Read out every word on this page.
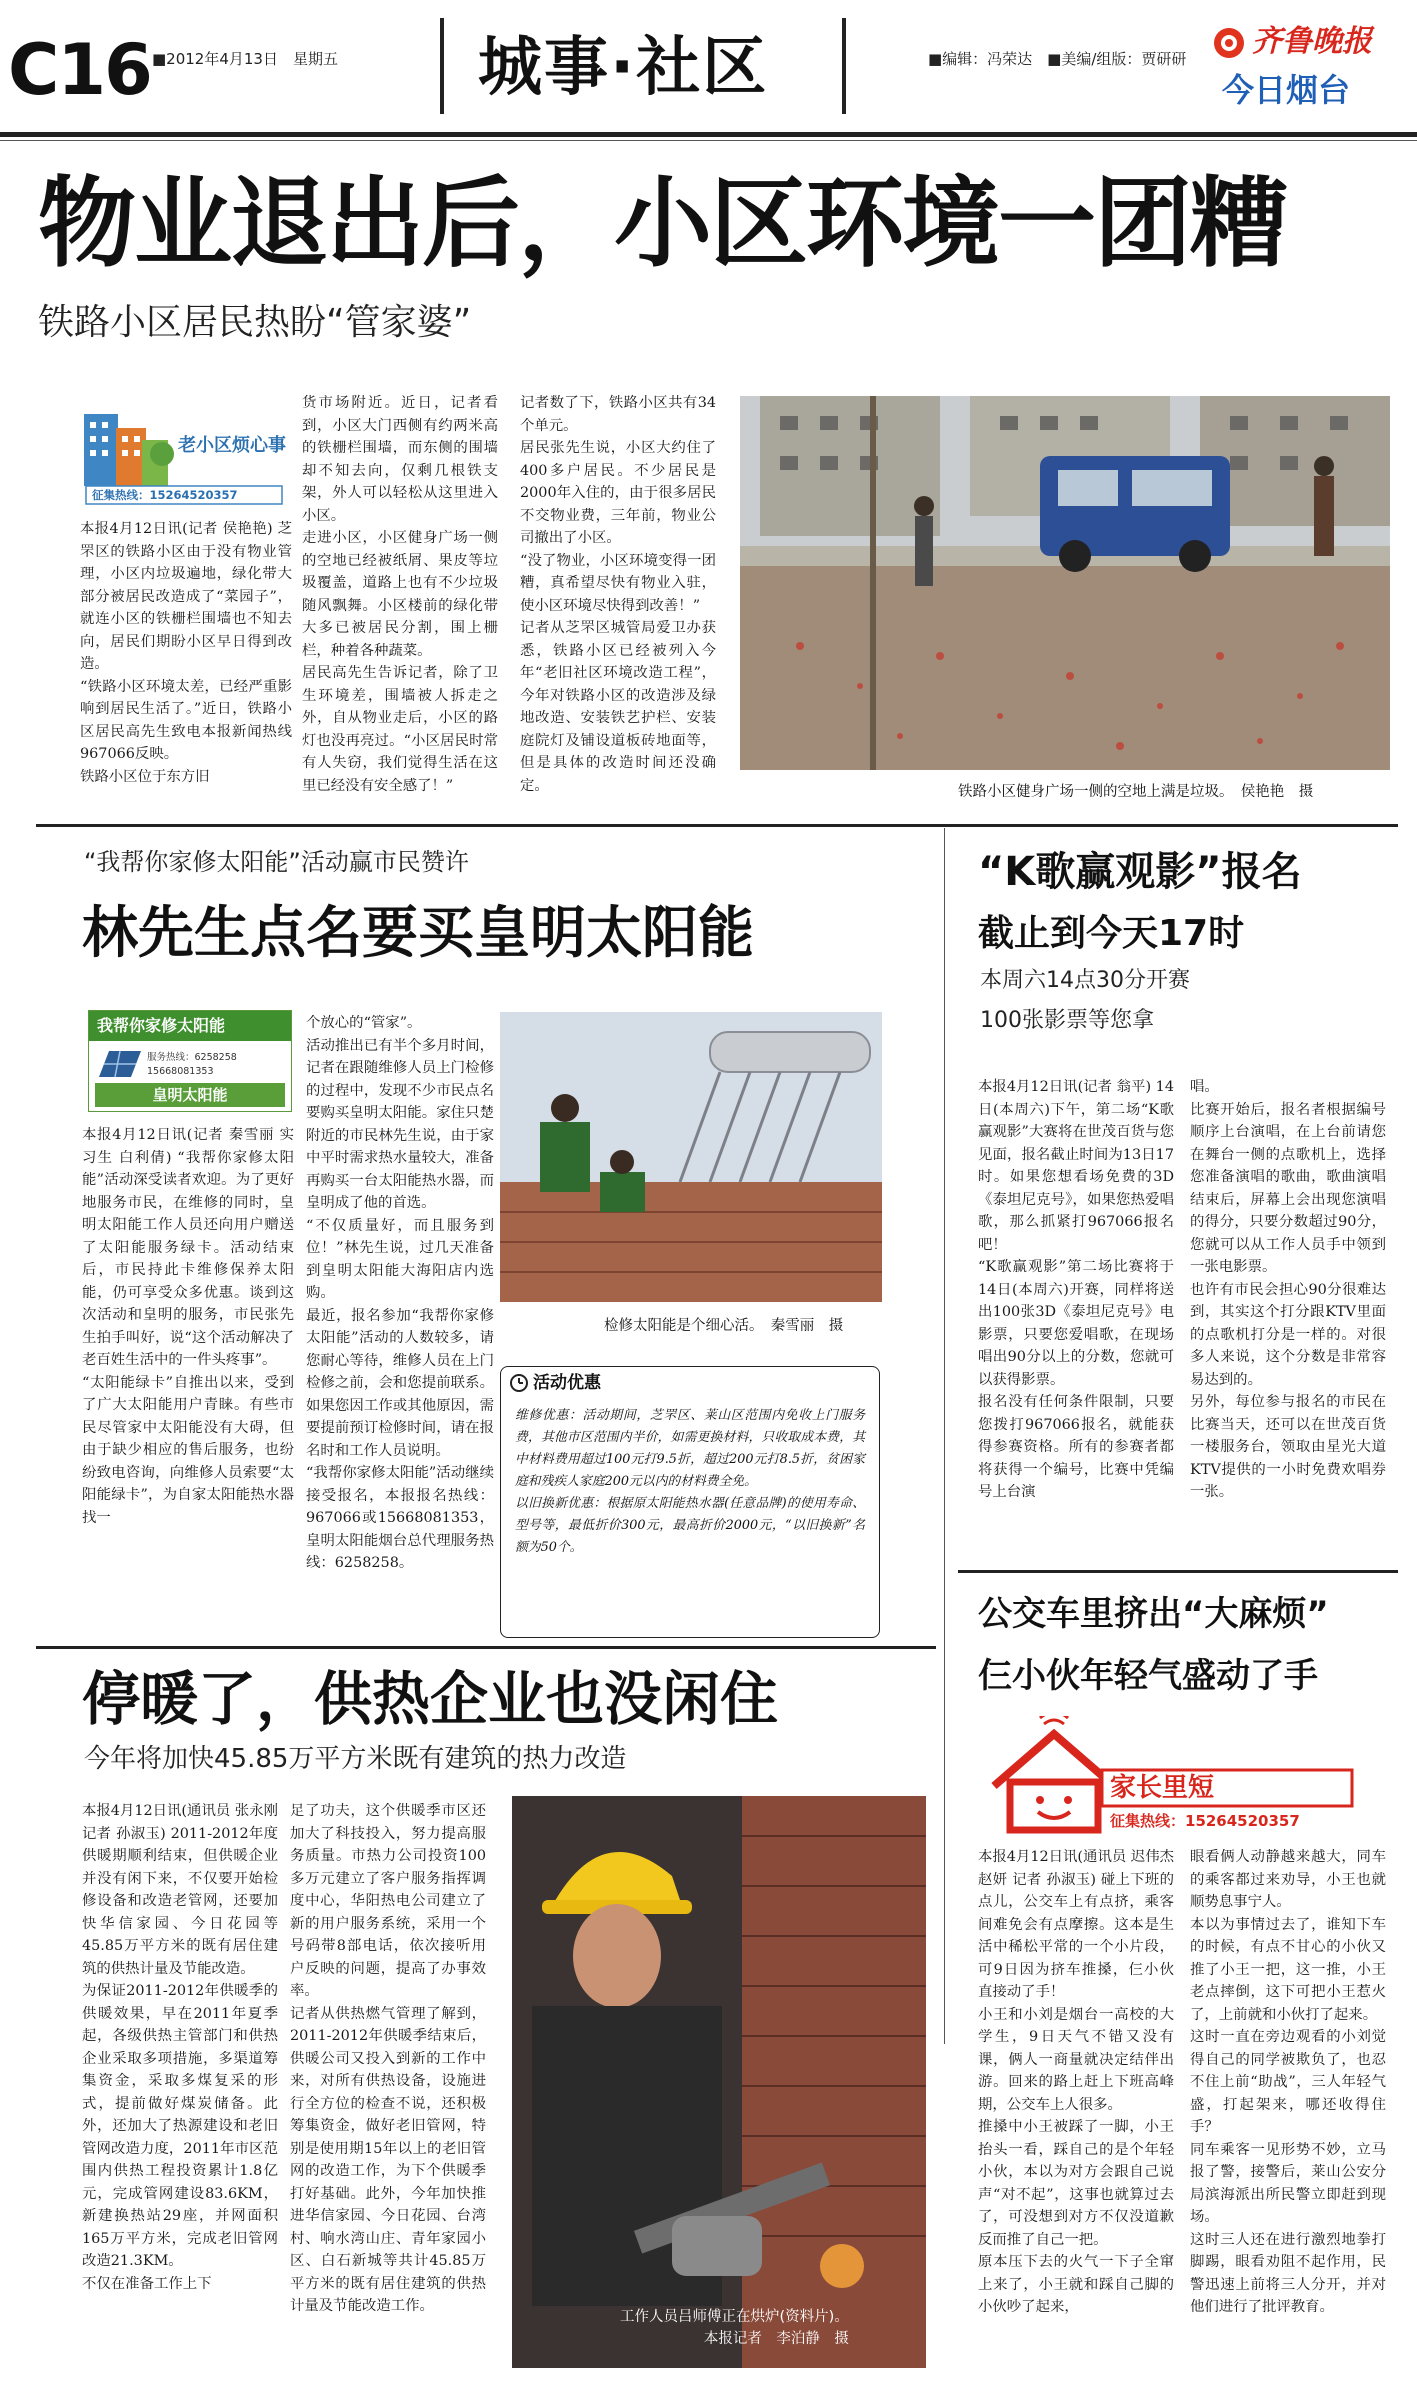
C16 ■2012年4月13日　星期五 城事·社区	■编辑：冯荣达　■美编/组版：贾研研 齐鲁晚报
今日烟台
物业退出后，小区环境一团糟
铁路小区居民热盼“管家婆”
老小区烦心事
征集热线：15264520357
本报4月12日讯(记者 侯艳艳) 芝罘区的铁路小区由于没有物业管理，小区内垃圾遍地，绿化带大部分被居民改造成了“菜园子”，就连小区的铁栅栏围墙也不知去向，居民们期盼小区早日得到改造。
“铁路小区环境太差，已经严重影响到居民生活了。”近日，铁路小区居民高先生致电本报新闻热线967066反映。
铁路小区位于东方旧
货市场附近。近日，记者看到，小区大门西侧有约两米高的铁栅栏围墙，而东侧的围墙却不知去向，仅剩几根铁支架，外人可以轻松从这里进入小区。
走进小区，小区健身广场一侧的空地已经被纸屑、果皮等垃圾覆盖，道路上也有不少垃圾随风飘舞。小区楼前的绿化带大多已被居民分割，围上栅栏，种着各种蔬菜。
居民高先生告诉记者，除了卫生环境差，围墙被人拆走之外，自从物业走后，小区的路灯也没再亮过。“小区居民时常有人失窃，我们觉得生活在这里已经没有安全感了！”
记者数了下，铁路小区共有34个单元。
居民张先生说，小区大约住了400多户居民。不少居民是2000年入住的，由于很多居民不交物业费，三年前，物业公司撤出了小区。
“没了物业，小区环境变得一团糟，真希望尽快有物业入驻，使小区环境尽快得到改善！”
记者从芝罘区城管局爱卫办获悉，铁路小区已经被列入今年“老旧社区环境改造工程”，今年对铁路小区的改造涉及绿地改造、安装铁艺护栏、安装庭院灯及铺设道板砖地面等，但是具体的改造时间还没确定。	铁路小区健身广场一侧的空地上满是垃圾。　侯艳艳　摄
“我帮你家修太阳能”活动赢市民赞许
林先生点名要买皇明太阳能
我帮你家修太阳能
服务热线：6258258 15668081353
皇明太阳能
本报4月12日讯(记者 秦雪丽 实习生 白利倩) “我帮你家修太阳能”活动深受读者欢迎。为了更好地服务市民，在维修的同时，皇明太阳能工作人员还向用户赠送了太阳能服务绿卡。活动结束后，市民持此卡维修保养太阳能，仍可享受众多优惠。谈到这次活动和皇明的服务，市民张先生拍手叫好，说“这个活动解决了老百姓生活中的一件头疼事”。
“太阳能绿卡”自推出以来，受到了广大太阳能用户青睐。有些市民尽管家中太阳能没有大碍，但由于缺少相应的售后服务，也纷纷致电咨询，向维修人员索要“太阳能绿卡”，为自家太阳能热水器找一
个放心的“管家”。
活动推出已有半个多月时间，记者在跟随维修人员上门检修的过程中，发现不少市民点名要购买皇明太阳能。家住只楚附近的市民林先生说，由于家中平时需求热水量较大，准备再购买一台太阳能热水器，而皇明成了他的首选。
“不仅质量好，而且服务到位！”林先生说，过几天准备到皇明太阳能大海阳店内选购。
最近，报名参加“我帮你家修太阳能”活动的人数较多，请您耐心等待，维修人员在上门检修之前，会和您提前联系。如果您因工作或其他原因，需要提前预订检修时间，请在报名时和工作人员说明。
“我帮你家修太阳能”活动继续接受报名，本报报名热线：967066或15668081353，皇明太阳能烟台总代理服务热线：6258258。
检修太阳能是个细心活。　秦雪丽　摄
活动优惠
维修优惠：活动期间，芝罘区、莱山区范围内免收上门服务费，其他市区范围内半价，如需更换材料，只收取成本费，其中材料费用超过100元打9.5折，超过200元打8.5折，贫困家庭和残疾人家庭200元以内的材料费全免。
以旧换新优惠：根据原太阳能热水器(任意品牌)的使用寿命、型号等，最低折价300元，最高折价2000元，“以旧换新”名额为50个。
“K歌赢观影”报名
截止到今天17时
本周六14点30分开赛
100张影票等您拿
本报4月12日讯(记者 翁平) 14日(本周六)下午，第二场“K歌赢观影”大赛将在世茂百货与您见面，报名截止时间为13日17时。如果您想看场免费的3D《泰坦尼克号》，如果您热爱唱歌，那么抓紧打967066报名吧！
“K歌赢观影”第二场比赛将于14日(本周六)开赛，同样将送出100张3D《泰坦尼克号》电影票，只要您爱唱歌，在现场唱出90分以上的分数，您就可以获得影票。
报名没有任何条件限制，只要您拨打967066报名，就能获得参赛资格。所有的参赛者都将获得一个编号，比赛中凭编号上台演
唱。
比赛开始后，报名者根据编号顺序上台演唱，在上台前请您在舞台一侧的点歌机上，选择您准备演唱的歌曲，歌曲演唱结束后，屏幕上会出现您演唱的得分，只要分数超过90分，您就可以从工作人员手中领到一张电影票。
也许有市民会担心90分很难达到，其实这个打分跟KTV里面的点歌机打分是一样的。对很多人来说，这个分数是非常容易达到的。
另外，每位参与报名的市民在比赛当天，还可以在世茂百货一楼服务台，领取由星光大道KTV提供的一小时免费欢唱券一张。
公交车里挤出“大麻烦”
仨小伙年轻气盛动了手
家长里短
征集热线：15264520357
本报4月12日讯(通讯员 迟伟杰 赵妍 记者 孙淑玉) 碰上下班的点儿，公交车上有点挤，乘客间难免会有点摩擦。这本是生活中稀松平常的一个小片段，可9日因为挤车推搡，仨小伙直接动了手！
小王和小刘是烟台一高校的大学生，9日天气不错又没有课，俩人一商量就决定结伴出游。回来的路上赶上下班高峰期，公交车上人很多。
推搡中小王被踩了一脚，小王抬头一看，踩自己的是个年轻小伙，本以为对方会跟自己说声“对不起”，这事也就算过去了，可没想到对方不仅没道歉反而推了自己一把。
原本压下去的火气一下子全窜上来了，小王就和踩自己脚的小伙吵了起来，
眼看俩人动静越来越大，同车的乘客都过来劝导，小王也就顺势息事宁人。
本以为事情过去了，谁知下车的时候，有点不甘心的小伙又推了小王一把，这一推，小王老点摔倒，这下可把小王惹火了，上前就和小伙打了起来。
这时一直在旁边观看的小刘觉得自己的同学被欺负了，也忍不住上前“助战”，三人年轻气盛，打起架来，哪还收得住手？
同车乘客一见形势不妙，立马报了警，接警后，莱山公安分局滨海派出所民警立即赶到现场。
这时三人还在进行激烈地拳打脚踢，眼看劝阻不起作用，民警迅速上前将三人分开，并对他们进行了批评教育。
停暖了，供热企业也没闲住
今年将加快45.85万平方米既有建筑的热力改造
本报4月12日讯(通讯员 张永刚 记者 孙淑玉) 2011-2012年度供暖期顺利结束，但供暖企业并没有闲下来，不仅要开始检修设备和改造老管网，还要加快华信家园、今日花园等45.85万平方米的既有居住建筑的供热计量及节能改造。
为保证2011-2012年供暖季的供暖效果，早在2011年夏季起，各级供热主管部门和供热企业采取多项措施，多渠道筹集资金，采取多煤复采的形式，提前做好煤炭储备。此外，还加大了热源建设和老旧管网改造力度，2011年市区范围内供热工程投资累计1.8亿元，完成管网建设83.6KM，新建换热站29座，并网面积165万平方米，完成老旧管网改造21.3KM。
不仅在准备工作上下
足了功夫，这个供暖季市区还加大了科技投入，努力提高服务质量。市热力公司投资100多万元建立了客户服务指挥调度中心，华阳热电公司建立了新的用户服务系统，采用一个号码带8部电话，依次接听用户反映的问题，提高了办事效率。
记者从供热燃气管理了解到，2011-2012年供暖季结束后，供暖公司又投入到新的工作中来，对所有供热设备，设施进行全方位的检查不说，还积极筹集资金，做好老旧管网，特别是使用期15年以上的老旧管网的改造工作，为下个供暖季打好基础。此外，今年加快推进华信家园、今日花园、台湾村、响水湾山庄、青年家园小区、白石新城等共计45.85万平方米的既有居住建筑的供热计量及节能改造工作。
工作人员吕师傅正在烘炉(资料片)。
本报记者　李泊静　摄
